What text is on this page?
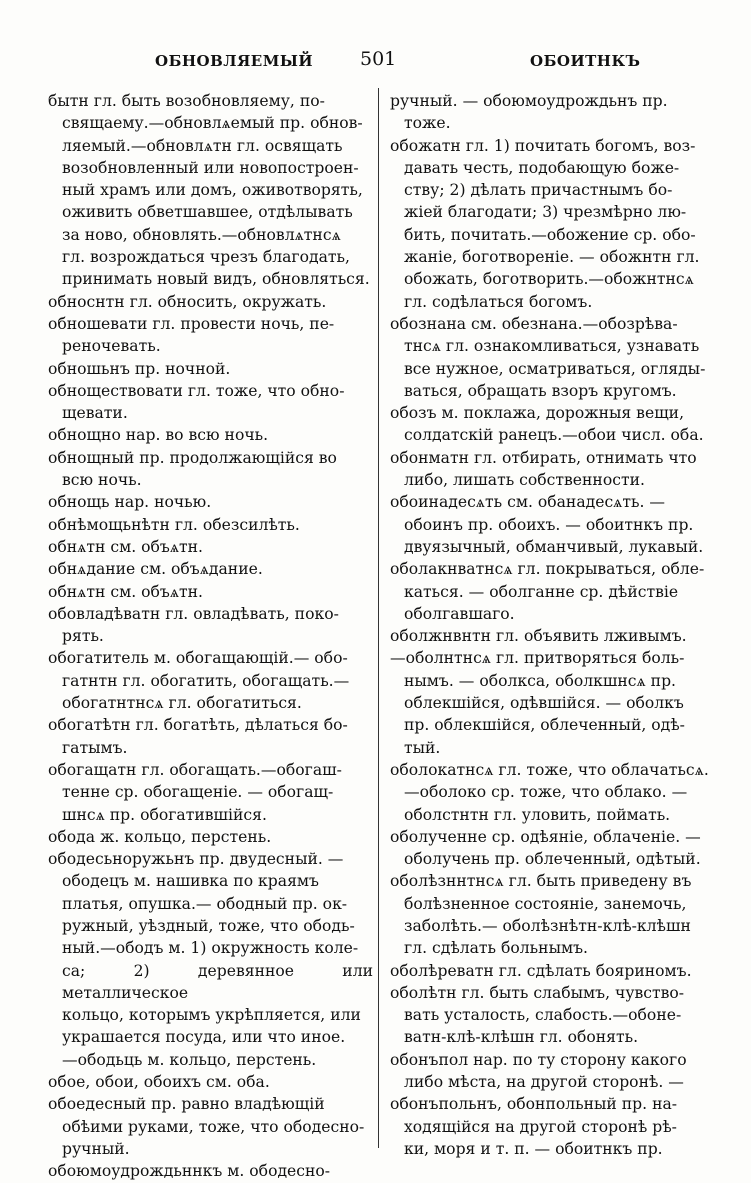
ОБНОВЛЯЕМЫЙ 501	ОБОИТНКЪ
бытн гл. быть возобновляему, по-
свящаему.—обновлѧемый пр. обнов-
ляемый.—обновлѧтн гл. освящать
возобновленный или новопостроен-
ный храмъ или домъ, оживотворять,
оживить обветшавшее, отдѣлывать
за ново, обновлять.—обновлѧтнсѧ
гл. возрождаться чрезъ благодать,
принимать новый видъ, обновляться.
обноснтн гл. обносить, окружать.
обношевати гл. провести ночь, пе-
реночевать.
обношьнъ пр. ночной.
обноществовати гл. тоже, что обно-
щевати.
обнощно нар. во всю ночь.
обнощный пр. продолжающійся во
всю ночь.
обнощь нар. ночью.
обнѣмощьнѣтн гл. обезсилѣть.
обнѧтн см. объѧтн.
обнѧдание см. объѧдание.
обнѧтн см. объѧтн.
обовладѣватн гл. овладѣвать, поко-
рять.
обогатитель м. обогащающій.— обо-
гатнтн гл. обогатить, обогащать.—
обогатнтнсѧ гл. обогатиться.
обогатѣтн гл. богатѣть, дѣлаться бо-
гатымъ.
обогащатн гл. обогащать.—обогаш-
тенне ср. обогащеніе. — обогащ-
шнсѧ пр. обогатившійся.
обода ж. кольцо, перстень.
ободесьноружьнъ пр. двудесный. —
ободецъ м. нашивка по краямъ
платья, опушка.— ободный пр. ок-
ружный, уѣздный, тоже, что ободь-
ный.—ободъ м. 1) окружность коле-
са; 2) деревянное или металлическое
кольцо, которымъ укрѣпляется, или
украшается посуда, или что иное.
—ободьць м. кольцо, перстень.
обое, обои, обоихъ см. оба.
обоедесный пр. равно владѣющій
обѣими руками, тоже, что ободесно-
ручный.
обоюмоудрождьннкъ м. ободесно-
ручный. — обоюмоудрождьнъ пр.
тоже.
обожатн гл. 1) почитать богомъ, воз-
давать честь, подобающую боже-
ству; 2) дѣлать причастнымъ бо-
жіей благодати; 3) чрезмѣрно лю-
бить, почитать.—обожение ср. обо-
жаніе, боготвореніе. — обожнтн гл.
обожать, боготворить.—обожнтнсѧ
гл. содѣлаться богомъ.
обознана см. обезнана.—обозрѣва-
тнсѧ гл. ознакомливаться, узнавать
все нужное, осматриваться, огляды-
ваться, обращать взоръ кругомъ.
обозъ м. поклажа, дорожныя вещи,
солдатскій ранецъ.—обои числ. оба.
обонматн гл. отбирать, отнимать что
либо, лишать собственности.
обоинадесѧть см. обанадесѧть. —
обоинъ пр. обоихъ. — обоитнкъ пр.
двуязычный, обманчивый, лукавый.
оболакнватнсѧ гл. покрываться, обле-
каться. — оболганне ср. дѣйствіе
оболгавшаго.
оболжнвнтн гл. объявить лживымъ.
—оболнтнсѧ гл. притворяться боль-
нымъ. — оболкса, оболкшнсѧ пр.
облекшійся, одѣвшійся. — оболкъ
пр. облекшійся, облеченный, одѣ-
тый.
оболокатнсѧ гл. тоже, что облачатьсѧ.
—оболоко ср. тоже, что облако. —
оболстнтн гл. уловить, поймать.
оболученне ср. одѣяніе, облаченіе. —
оболучень пр. облеченный, одѣтый.
оболѣзннтнсѧ гл. быть приведену въ
болѣзненное состояніе, занемочь,
заболѣть.— оболѣзнѣтн-клѣ-клѣшн
гл. сдѣлать больнымъ.
оболѣреватн гл. сдѣлать бояриномъ.
оболѣтн гл. быть слабымъ, чувство-
вать усталость, слабость.—обоне-
ватн-клѣ-клѣшн гл. обонять.
обонъпол нар. по ту сторону какого
либо мѣста, на другой сторонѣ. —
обонъпольнъ, обонпольный пр. на-
ходящійся на другой сторонѣ рѣ-
ки, моря и т. п. — обоитнкъ пр.
